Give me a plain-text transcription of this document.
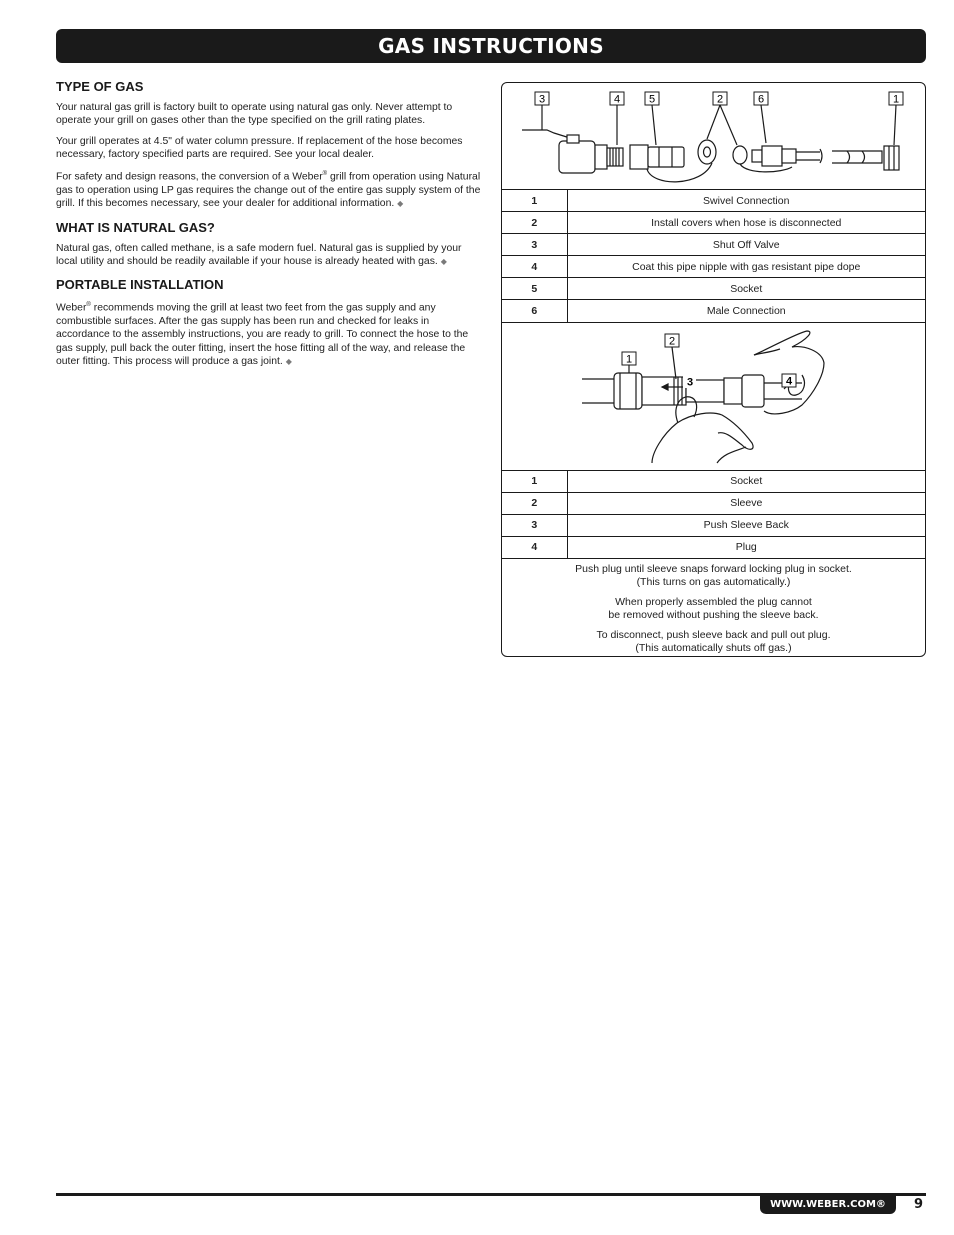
GAS INSTRUCTIONS
TYPE OF GAS

Your natural gas grill is factory built to operate using natural gas only. Never attempt to operate your grill on gases other than the type specified on the grill rating plates.

Your grill operates at 4.5" of water column pressure. If replacement of the hose becomes necessary, factory specified parts are required. See your local dealer.

For safety and design reasons, the conversion of a Weber® grill from operation using Natural gas to operation using LP gas requires the change out of the entire gas supply system of the grill. If this becomes necessary, see your dealer for additional information. ◆

WHAT IS NATURAL GAS?

Natural gas, often called methane, is a safe modern fuel. Natural gas is supplied by your local utility and should be readily available if your house is already heated with gas. ◆

PORTABLE INSTALLATION

Weber® recommends moving the grill at least two feet from the gas supply and any combustible surfaces. After the gas supply has been run and checked for leaks in accordance to the assembly instructions, you are ready to grill. To connect the hose to the gas supply, pull back the outer fitting, insert the hose fitting all of the way, and release the outer fitting. This process will produce a gas joint. ◆

3	4	5	2	6	1
1	Swivel Connection
2	Install covers when hose is disconnected
3	Shut Off Valve
4	Coat this pipe nipple with gas resistant pipe dope
5	Socket
6	Male Connection
1
2
3	4
1	Socket
2	Sleeve
3	Push Sleeve Back
4	Plug

Push plug until sleeve snaps forward locking plug in socket.
(This turns on gas automatically.)

When properly assembled the plug cannot
be removed without pushing the sleeve back.

To disconnect, push sleeve back and pull out plug.
(This automatically shuts off gas.)

WWW.WEBER.COM®	9
